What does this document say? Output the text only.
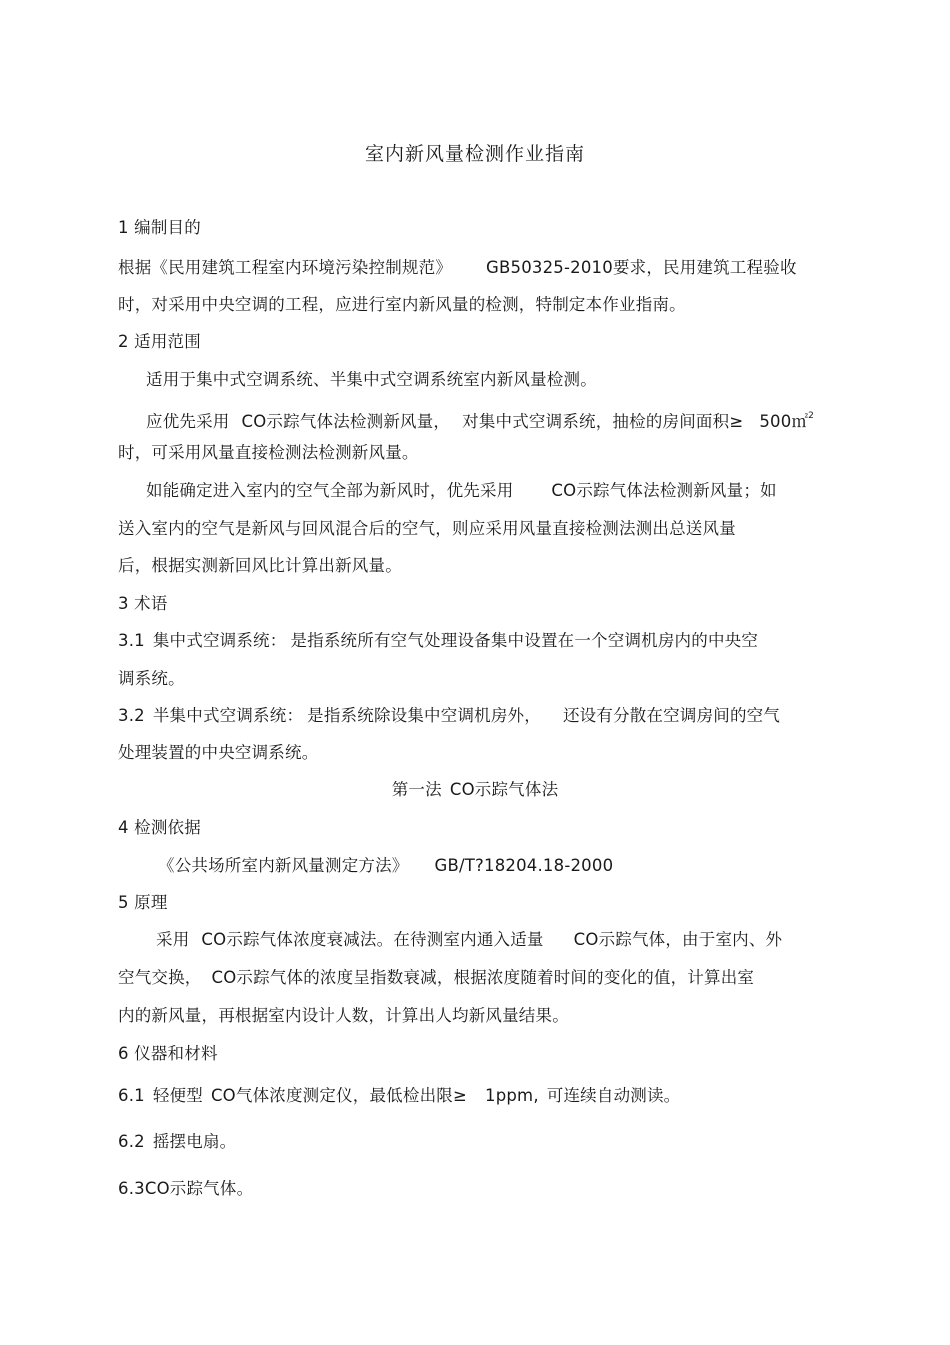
室内新风量检测作业指南
1 编制目的
根据《民用建筑工程室内环境污染控制规范》 GB50325-2010要求，民用建筑工程验收
时，对采用中央空调的工程，应进行室内新风量的检测，特制定本作业指南。
2 适用范围
适用于集中式空调系统、半集中式空调系统室内新风量检测。
应优先采用 CO示踪气体法检测新风量， 对集中式空调系统，抽检的房间面积≥ 500㎡$^2$
时，可采用风量直接检测法检测新风量。
如能确定进入室内的空气全部为新风时，优先采用 CO示踪气体法检测新风量；如
送入室内的空气是新风与回风混合后的空气，则应采用风量直接检测法测出总送风量
后，根据实测新回风比计算出新风量。
3 术语
3.1 集中式空调系统： 是指系统所有空气处理设备集中设置在一个空调机房内的中央空
调系统。
3.2 半集中式空调系统： 是指系统除设集中空调机房外， 还设有分散在空调房间的空气
处理装置的中央空调系统。
第一法 CO示踪气体法
4 检测依据
《公共场所室内新风量测定方法》 GB/T?18204.18-2000
5 原理
采用 CO示踪气体浓度衰减法。在待测室内通入适量 CO示踪气体，由于室内、外
空气交换， CO示踪气体的浓度呈指数衰减，根据浓度随着时间的变化的值，计算出室
内的新风量，再根据室内设计人数，计算出人均新风量结果。
6 仪器和材料
6.1 轻便型 CO气体浓度测定仪，最低检出限≥ 1ppm, 可连续自动测读。
6.2 摇摆电扇。
6.3CO示踪气体。
